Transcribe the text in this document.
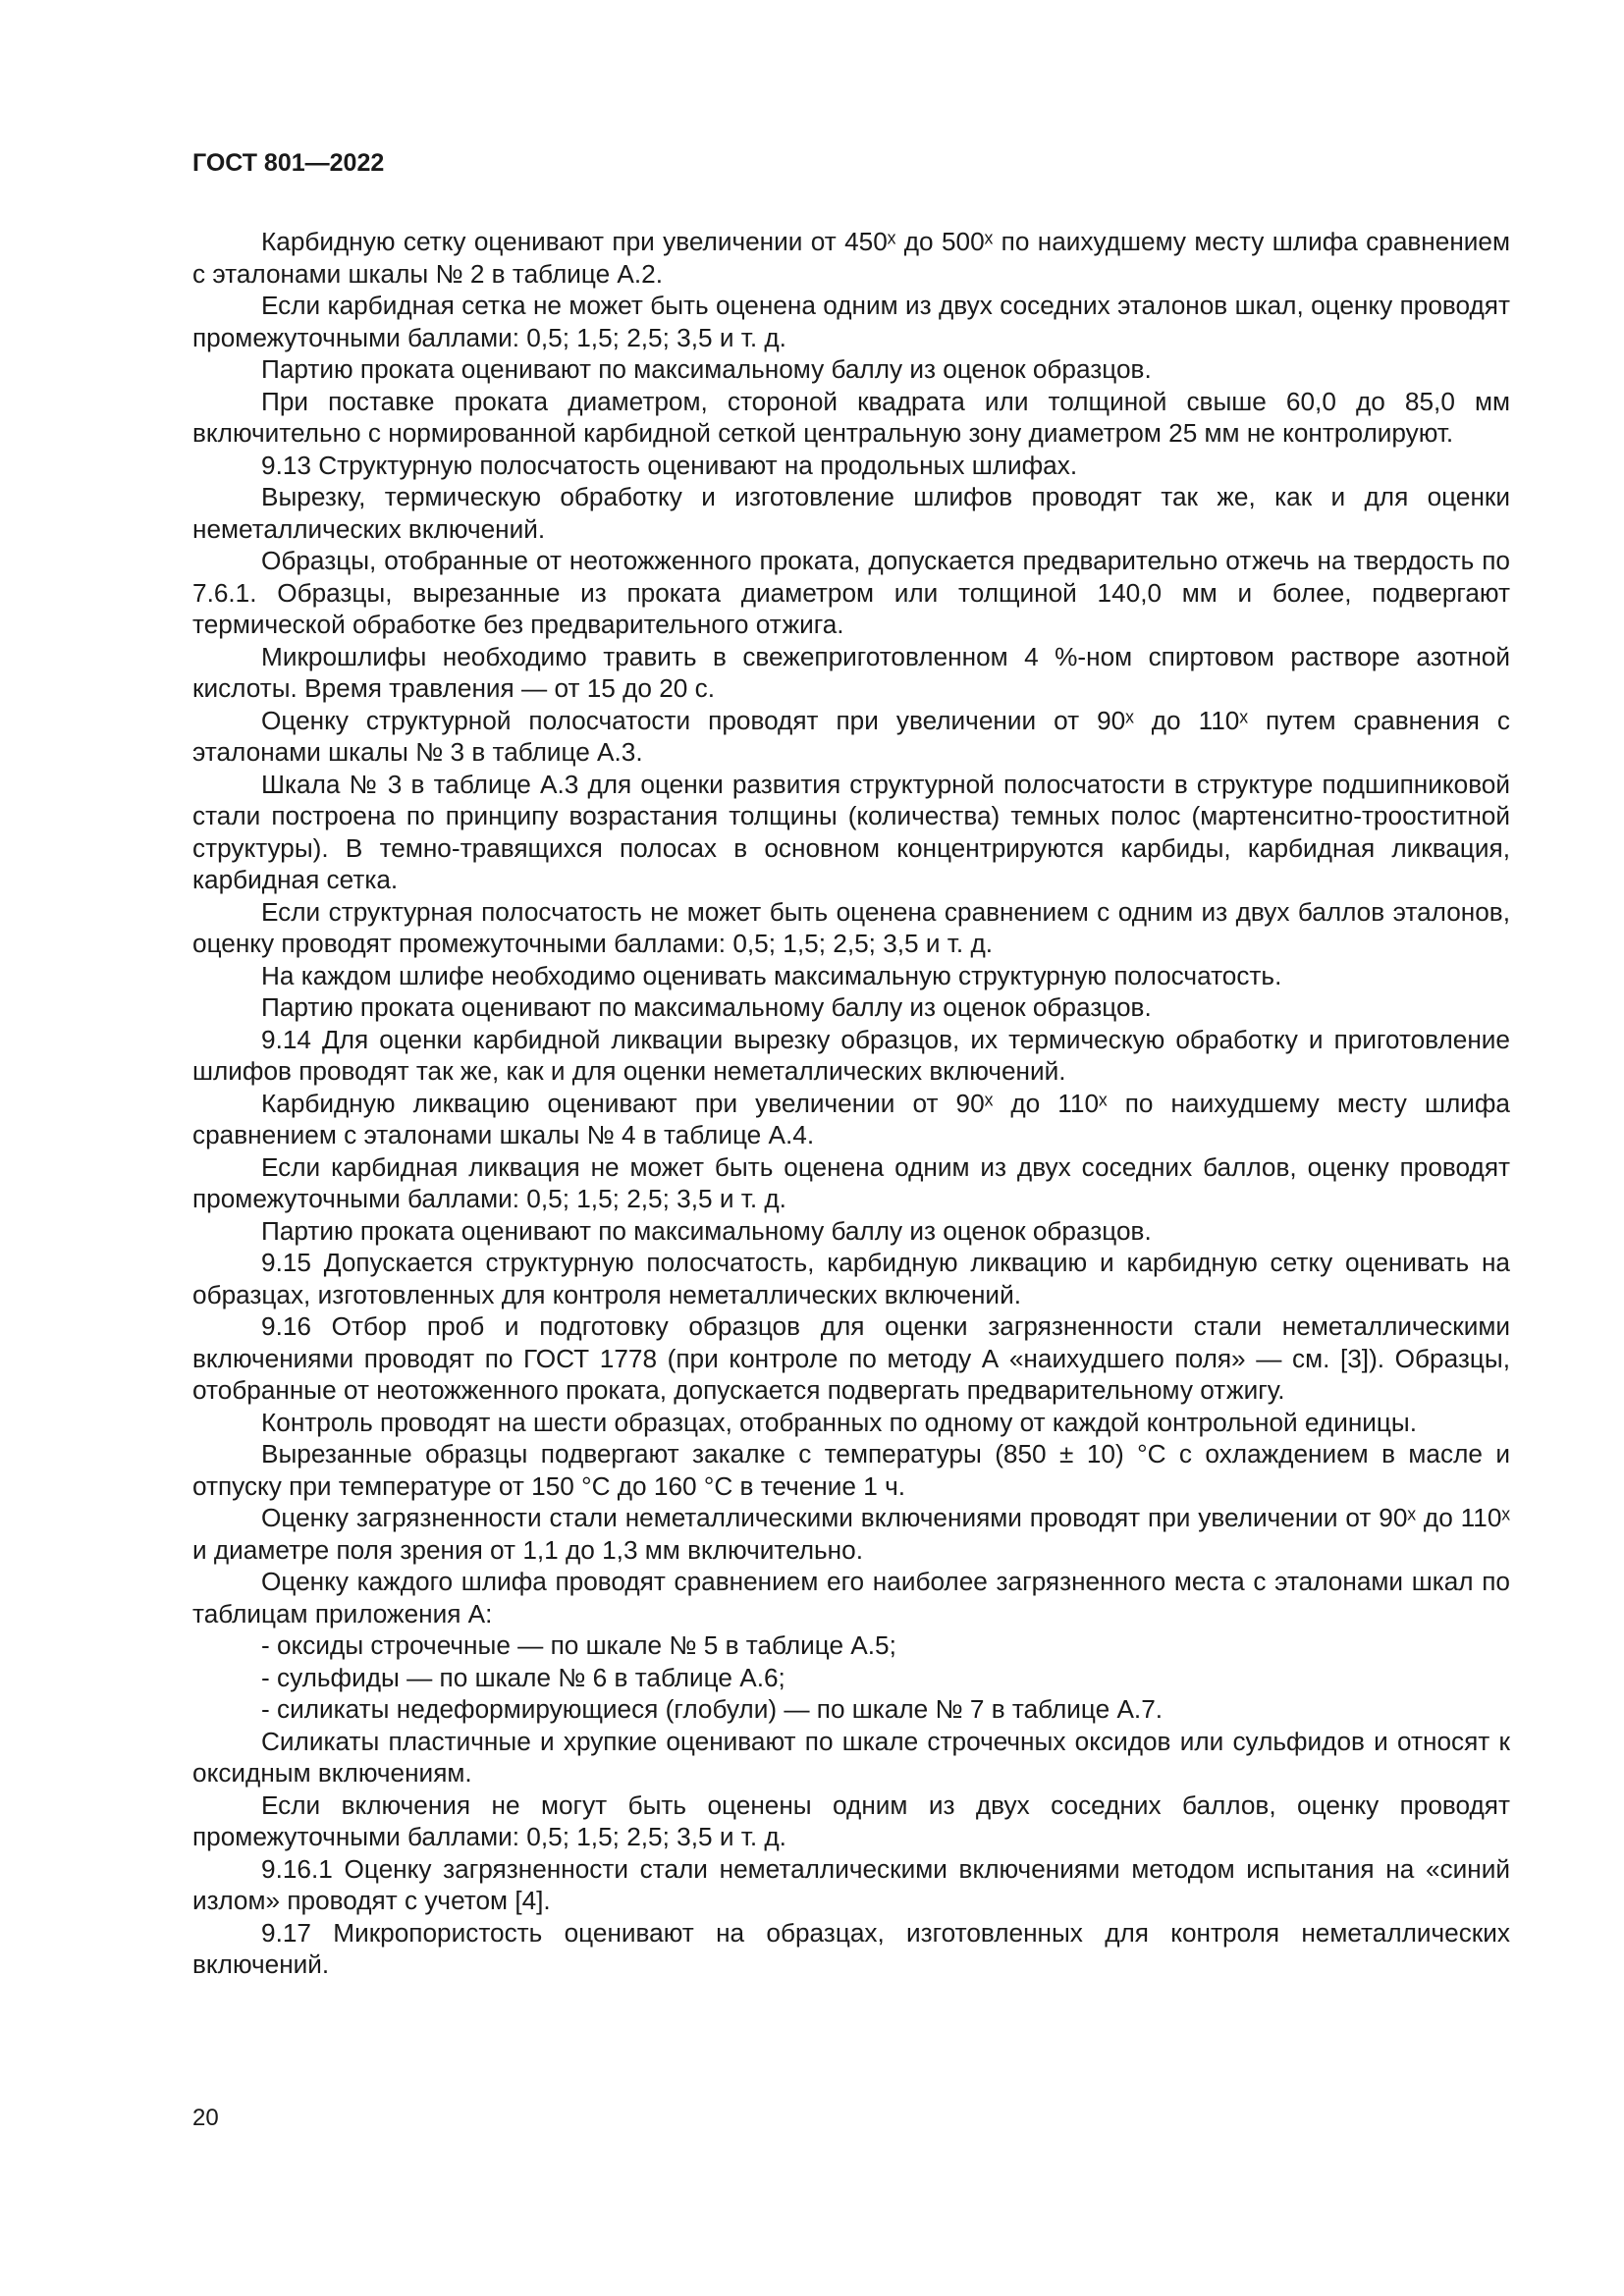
ГОСТ 801—2022

Карбидную сетку оценивают при увеличении от 450ˣ до 500ˣ по наихудшему месту шлифа сравнением с эталонами шкалы № 2 в таблице А.2.

Если карбидная сетка не может быть оценена одним из двух соседних эталонов шкал, оценку проводят промежуточными баллами: 0,5; 1,5; 2,5; 3,5 и т. д.

Партию проката оценивают по максимальному баллу из оценок образцов.

При поставке проката диаметром, стороной квадрата или толщиной свыше 60,0 до 85,0 мм включительно с нормированной карбидной сеткой центральную зону диаметром 25 мм не контролируют.

9.13 Структурную полосчатость оценивают на продольных шлифах.

Вырезку, термическую обработку и изготовление шлифов проводят так же, как и для оценки неметаллических включений.

Образцы, отобранные от неотожженного проката, допускается предварительно отжечь на твердость по 7.6.1. Образцы, вырезанные из проката диаметром или толщиной 140,0 мм и более, подвергают термической обработке без предварительного отжига.

Микрошлифы необходимо травить в свежеприготовленном 4 %-ном спиртовом растворе азотной кислоты. Время травления — от 15 до 20 с.

Оценку структурной полосчатости проводят при увеличении от 90ˣ до 110ˣ путем сравнения с эталонами шкалы № 3 в таблице А.3.

Шкала № 3 в таблице А.3 для оценки развития структурной полосчатости в структуре подшипниковой стали построена по принципу возрастания толщины (количества) темных полос (мартенситно-трооститной структуры). В темно-травящихся полосах в основном концентрируются карбиды, карбидная ликвация, карбидная сетка.

Если структурная полосчатость не может быть оценена сравнением с одним из двух баллов эталонов, оценку проводят промежуточными баллами: 0,5; 1,5; 2,5; 3,5 и т. д.

На каждом шлифе необходимо оценивать максимальную структурную полосчатость.

Партию проката оценивают по максимальному баллу из оценок образцов.

9.14 Для оценки карбидной ликвации вырезку образцов, их термическую обработку и приготовление шлифов проводят так же, как и для оценки неметаллических включений.

Карбидную ликвацию оценивают при увеличении от 90ˣ до 110ˣ по наихудшему месту шлифа сравнением с эталонами шкалы № 4 в таблице А.4.

Если карбидная ликвация не может быть оценена одним из двух соседних баллов, оценку проводят промежуточными баллами: 0,5; 1,5; 2,5; 3,5 и т. д.

Партию проката оценивают по максимальному баллу из оценок образцов.

9.15 Допускается структурную полосчатость, карбидную ликвацию и карбидную сетку оценивать на образцах, изготовленных для контроля неметаллических включений.

9.16 Отбор проб и подготовку образцов для оценки загрязненности стали неметаллическими включениями проводят по ГОСТ 1778 (при контроле по методу А «наихудшего поля» — см. [3]). Образцы, отобранные от неотожженного проката, допускается подвергать предварительному отжигу.

Контроль проводят на шести образцах, отобранных по одному от каждой контрольной единицы.

Вырезанные образцы подвергают закалке с температуры (850 ± 10) °С с охлаждением в масле и отпуску при температуре от 150 °С до 160 °С в течение 1 ч.

Оценку загрязненности стали неметаллическими включениями проводят при увеличении от 90ˣ до 110ˣ и диаметре поля зрения от 1,1 до 1,3 мм включительно.

Оценку каждого шлифа проводят сравнением его наиболее загрязненного места с эталонами шкал по таблицам приложения А:

- оксиды строчечные — по шкале № 5 в таблице А.5;

- сульфиды — по шкале № 6 в таблице А.6;

- силикаты недеформирующиеся (глобули) — по шкале № 7 в таблице А.7.

Силикаты пластичные и хрупкие оценивают по шкале строчечных оксидов или сульфидов и относят к оксидным включениям.

Если включения не могут быть оценены одним из двух соседних баллов, оценку проводят промежуточными баллами: 0,5; 1,5; 2,5; 3,5 и т. д.

9.16.1 Оценку загрязненности стали неметаллическими включениями методом испытания на «синий излом» проводят с учетом [4].

9.17 Микропористость оценивают на образцах, изготовленных для контроля неметаллических включений.

20
